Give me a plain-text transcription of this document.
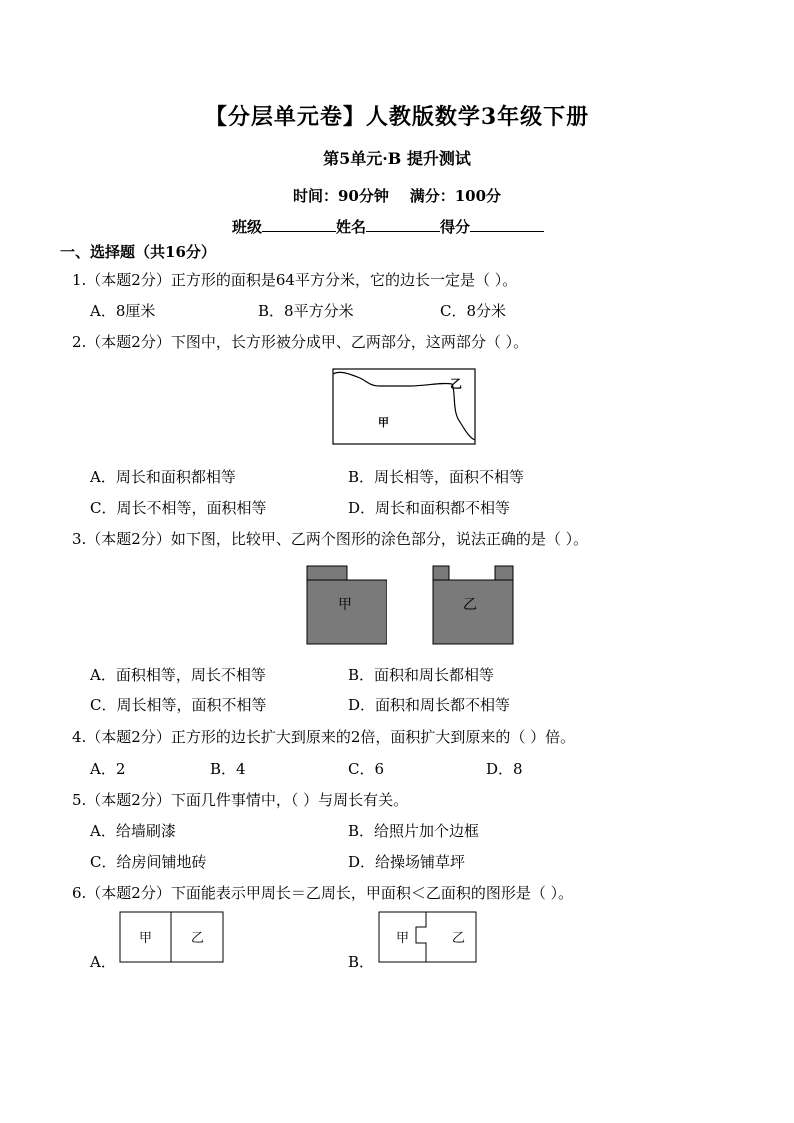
【分层单元卷】人教版数学3年级下册
第5单元·B 提升测试
时间：90分钟 满分：100分
班级	姓名	得分
一、选择题（共16分）
1.（本题2分）正方形的面积是64平方分米，它的边长一定是（ ）。
A．8厘米	B．8平方分米	C．8分米
2.（本题2分）下图中，长方形被分成甲、乙两部分，这两部分（ ）。
乙
甲
A．周长和面积都相等	B．周长相等，面积不相等
C．周长不相等，面积相等	D．周长和面积都不相等
3.（本题2分）如下图，比较甲、乙两个图形的涂色部分，说法正确的是（ ）。
甲	乙
A．面积相等，周长不相等	B．面积和周长都相等
C．周长相等，面积不相等	D．面积和周长都不相等
4.（本题2分）正方形的边长扩大到原来的2倍，面积扩大到原来的（ ）倍。
A．2	B．4	C．6	D．8
5.（本题2分）下面几件事情中，（ ）与周长有关。
A．给墙刷漆	B．给照片加个边框
C．给房间铺地砖	D．给操场铺草坪
6.（本题2分）下面能表示甲周长＝乙周长，甲面积＜乙面积的图形是（ ）。
A．
甲	乙
B．
甲	乙
